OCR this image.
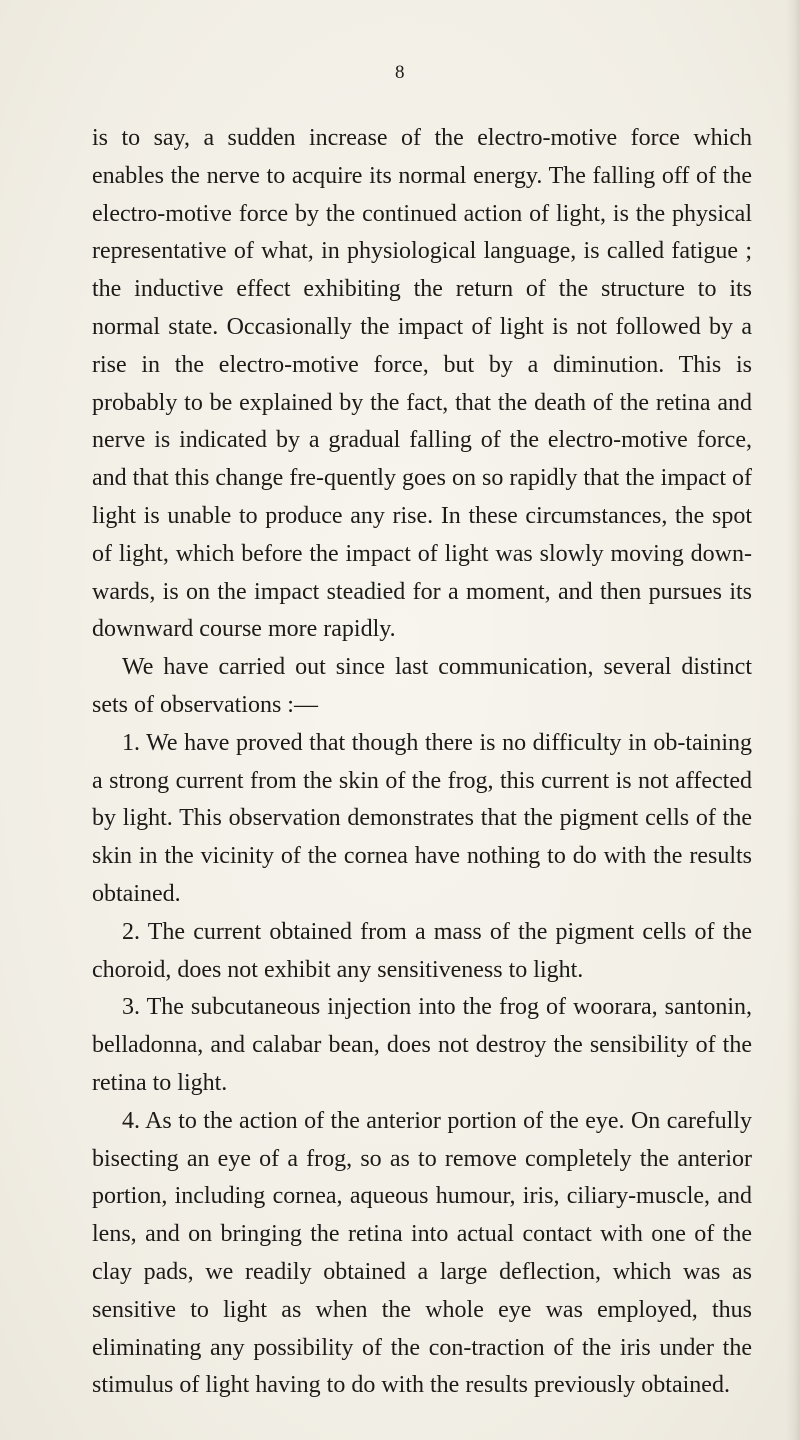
8

is to say, a sudden increase of the electro-motive force which enables the nerve to acquire its normal energy. The falling off of the electro-motive force by the continued action of light, is the physical representative of what, in physiological language, is called fatigue ; the inductive effect exhibiting the return of the structure to its normal state. Occasionally the impact of light is not followed by a rise in the electro-motive force, but by a diminution. This is probably to be explained by the fact, that the death of the retina and nerve is indicated by a gradual falling of the electro-motive force, and that this change fre-quently goes on so rapidly that the impact of light is unable to produce any rise. In these circumstances, the spot of light, which before the impact of light was slowly moving down-wards, is on the impact steadied for a moment, and then pursues its downward course more rapidly.

We have carried out since last communication, several distinct sets of observations :—

1. We have proved that though there is no difficulty in ob-taining a strong current from the skin of the frog, this current is not affected by light. This observation demonstrates that the pigment cells of the skin in the vicinity of the cornea have nothing to do with the results obtained.

2. The current obtained from a mass of the pigment cells of the choroid, does not exhibit any sensitiveness to light.

3. The subcutaneous injection into the frog of woorara, santonin, belladonna, and calabar bean, does not destroy the sensibility of the retina to light.

4. As to the action of the anterior portion of the eye. On carefully bisecting an eye of a frog, so as to remove completely the anterior portion, including cornea, aqueous humour, iris, ciliary-muscle, and lens, and on bringing the retina into actual contact with one of the clay pads, we readily obtained a large deflection, which was as sensitive to light as when the whole eye was employed, thus eliminating any possibility of the con-traction of the iris under the stimulus of light having to do with the results previously obtained.
